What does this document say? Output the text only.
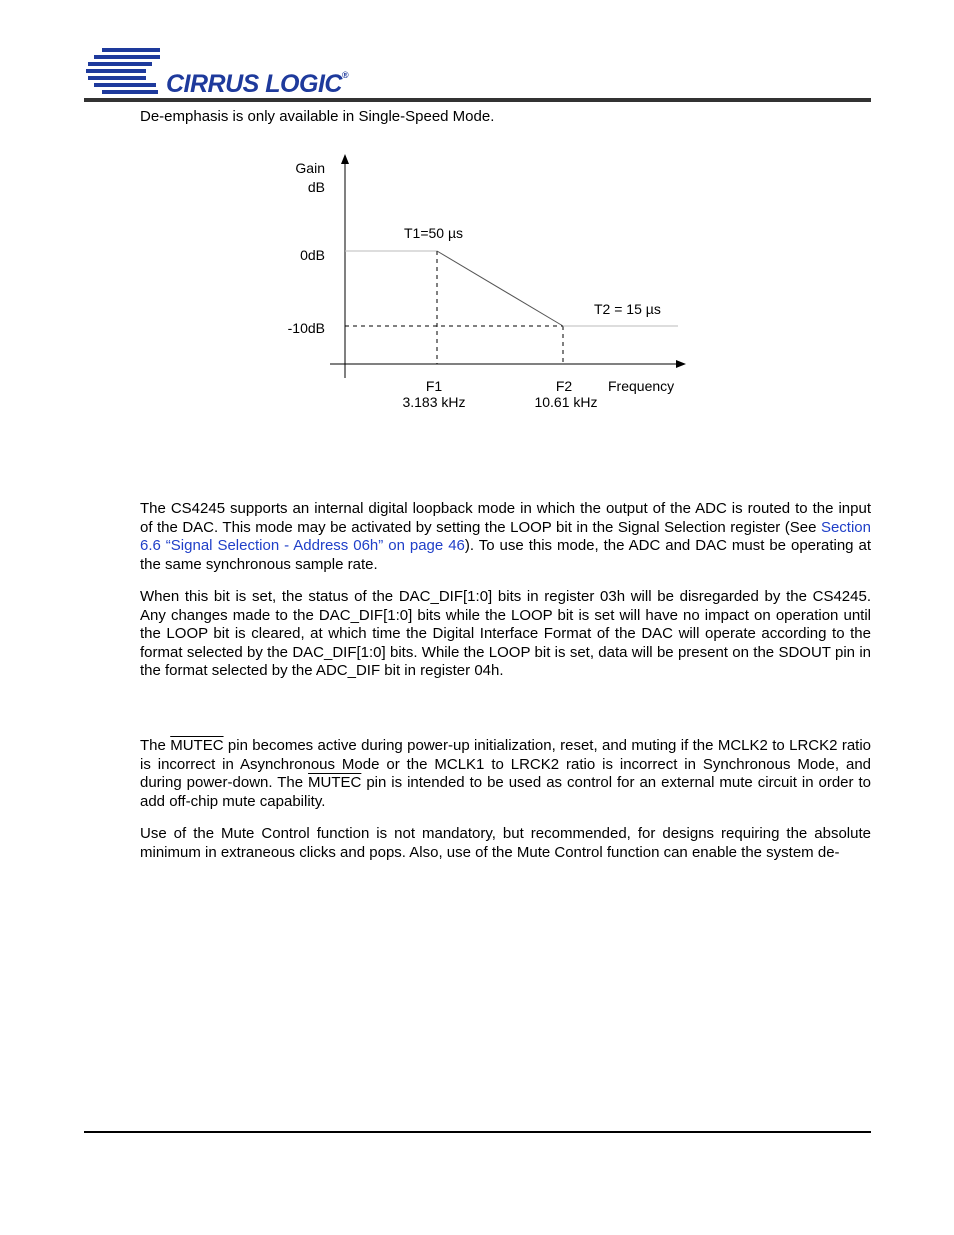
CIRRUS LOGIC®
De-emphasis is only available in Single-Speed Mode.
Gain
dB
0dB
-10dB
T1=50 µs
T2 = 15 µs
F1
3.183 kHz
F2
10.61 kHz
Frequency
The CS4245 supports an internal digital loopback mode in which the output of the ADC is routed to the input of the DAC. This mode may be activated by setting the LOOP bit in the Signal Selection register (See Section 6.6 “Signal Selection - Address 06h” on page 46). To use this mode, the ADC and DAC must be operating at the same synchronous sample rate.
When this bit is set, the status of the DAC_DIF[1:0] bits in register 03h will be disregarded by the CS4245. Any changes made to the DAC_DIF[1:0] bits while the LOOP bit is set will have no impact on operation until the LOOP bit is cleared, at which time the Digital Interface Format of the DAC will operate according to the format selected by the DAC_DIF[1:0] bits. While the LOOP bit is set, data will be present on the SDOUT pin in the format selected by the ADC_DIF bit in register 04h.
The MUTEC pin becomes active during power-up initialization, reset, and muting if the MCLK2 to LRCK2 ratio is incorrect in Asynchronous Mode or the MCLK1 to LRCK2 ratio is incorrect in Synchronous Mode, and during power-down. The MUTEC pin is intended to be used as control for an external mute circuit in order to add off-chip mute capability.
Use of the Mute Control function is not mandatory, but recommended, for designs requiring the absolute minimum in extraneous clicks and pops. Also, use of the Mute Control function can enable the system de-
